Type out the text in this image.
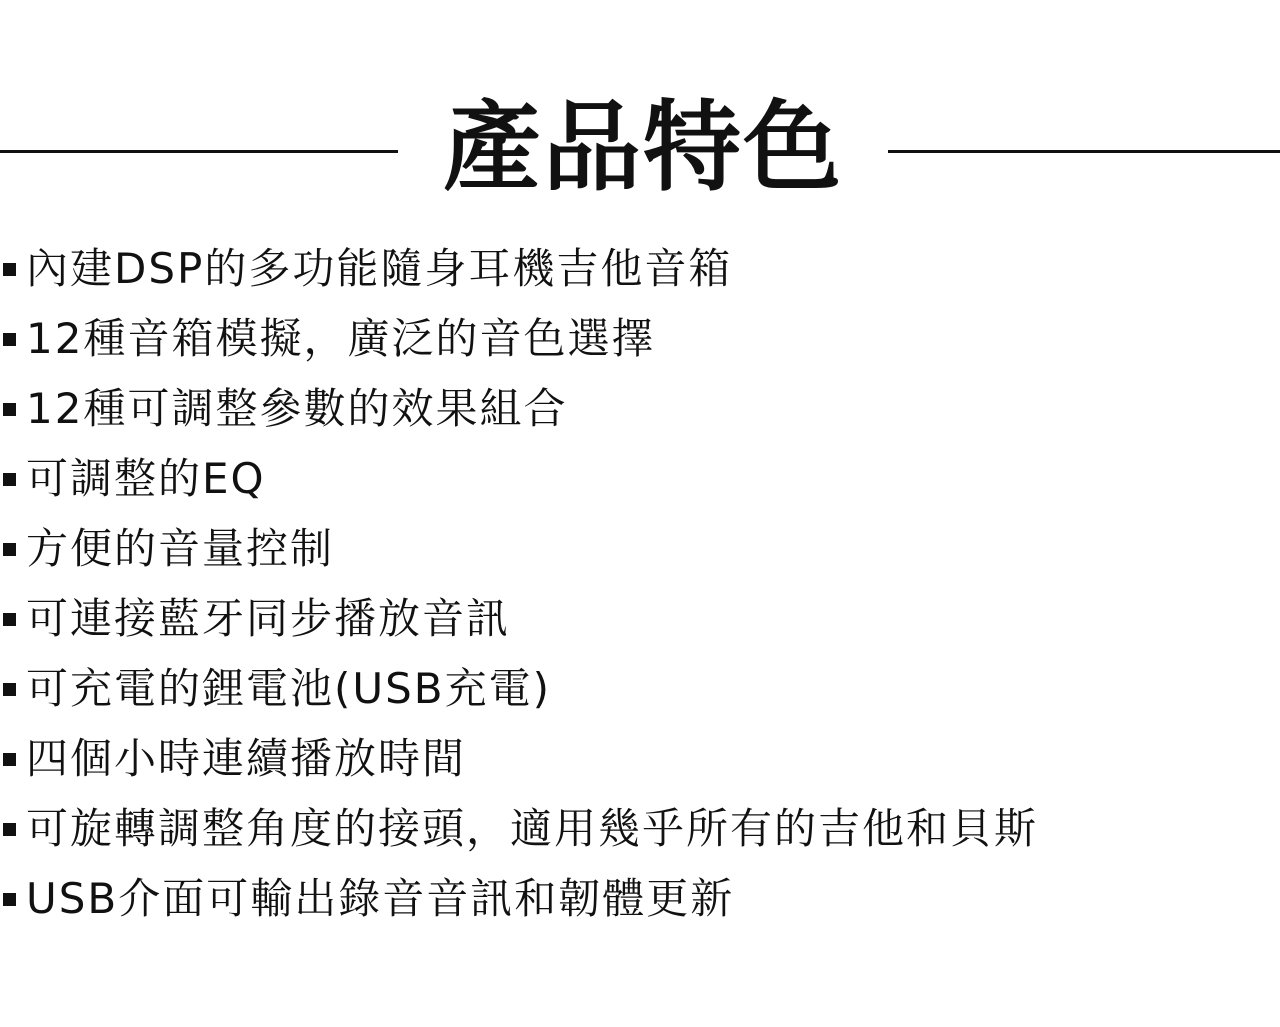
產品特色
內建DSP的多功能隨身耳機吉他音箱
12種音箱模擬，廣泛的音色選擇
12種可調整參數的效果組合
可調整的EQ
方便的音量控制
可連接藍牙同步播放音訊
可充電的鋰電池(USB充電)
四個小時連續播放時間
可旋轉調整角度的接頭，適用幾乎所有的吉他和貝斯
USB介面可輸出錄音音訊和韌體更新
